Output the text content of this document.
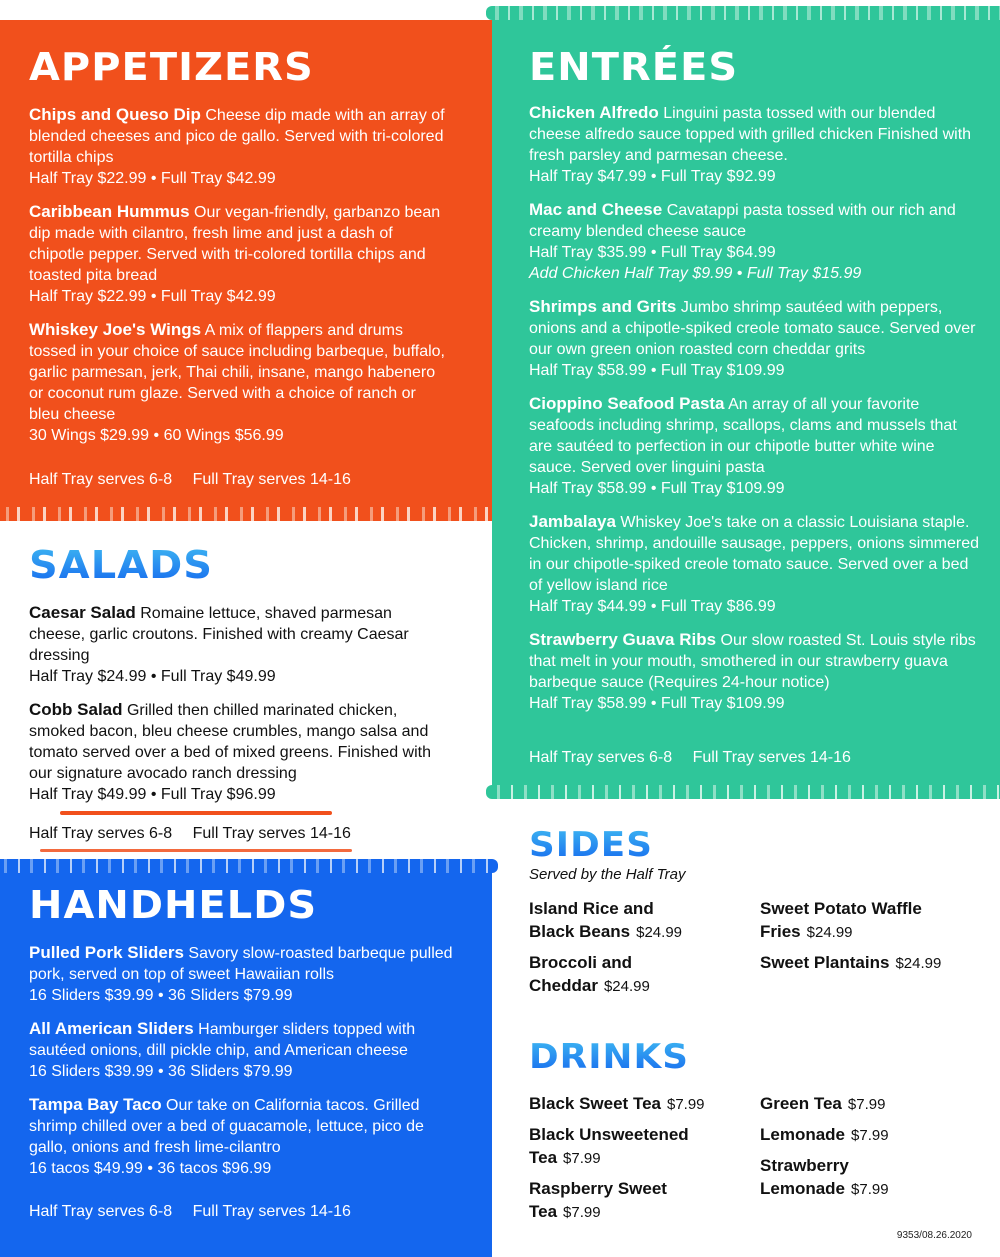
APPETIZERS
Chips and Queso Dip Cheese dip made with an array of blended cheeses and pico de gallo. Served with tri-colored tortilla chips
Half Tray $22.99 • Full Tray $42.99
Caribbean Hummus Our vegan-friendly, garbanzo bean dip made with cilantro, fresh lime and just a dash of chipotle pepper. Served with tri-colored tortilla chips and toasted pita bread
Half Tray $22.99 • Full Tray $42.99
Whiskey Joe's Wings A mix of flappers and drums tossed in your choice of sauce including barbeque, buffalo, garlic parmesan, jerk, Thai chili, insane, mango habenero or coconut rum glaze. Served with a choice of ranch or bleu cheese
30 Wings $29.99 • 60 Wings $56.99
Half Tray serves 6-8 Full Tray serves 14-16
ENTRÉES
Chicken Alfredo Linguini pasta tossed with our blended cheese alfredo sauce topped with grilled chicken Finished with fresh parsley and parmesan cheese.
Half Tray $47.99 • Full Tray $92.99
Mac and Cheese Cavatappi pasta tossed with our rich and creamy blended cheese sauce
Half Tray $35.99 • Full Tray $64.99
Add Chicken Half Tray $9.99 • Full Tray $15.99
Shrimps and Grits Jumbo shrimp sautéed with peppers, onions and a chipotle-spiked creole tomato sauce. Served over our own green onion roasted corn cheddar grits
Half Tray $58.99 • Full Tray $109.99
Cioppino Seafood Pasta An array of all your favorite seafoods including shrimp, scallops, clams and mussels that are sautéed to perfection in our chipotle butter white wine sauce. Served over linguini pasta
Half Tray $58.99 • Full Tray $109.99
Jambalaya Whiskey Joe's take on a classic Louisiana staple. Chicken, shrimp, andouille sausage, peppers, onions simmered in our chipotle-spiked creole tomato sauce. Served over a bed of yellow island rice
Half Tray $44.99 • Full Tray $86.99
Strawberry Guava Ribs Our slow roasted St. Louis style ribs that melt in your mouth, smothered in our strawberry guava barbeque sauce (Requires 24-hour notice)
Half Tray $58.99 • Full Tray $109.99
Half Tray serves 6-8 Full Tray serves 14-16
SALADS
Caesar Salad Romaine lettuce, shaved parmesan cheese, garlic croutons. Finished with creamy Caesar dressing
Half Tray $24.99 • Full Tray $49.99
Cobb Salad Grilled then chilled marinated chicken, smoked bacon, bleu cheese crumbles, mango salsa and tomato served over a bed of mixed greens. Finished with our signature avocado ranch dressing
Half Tray $49.99 • Full Tray $96.99
Half Tray serves 6-8 Full Tray serves 14-16
HANDHELDS
Pulled Pork Sliders Savory slow-roasted barbeque pulled pork, served on top of sweet Hawaiian rolls
16 Sliders $39.99 • 36 Sliders $79.99
All American Sliders Hamburger sliders topped with sautéed onions, dill pickle chip, and American cheese
16 Sliders $39.99 • 36 Sliders $79.99
Tampa Bay Taco Our take on California tacos. Grilled shrimp chilled over a bed of guacamole, lettuce, pico de gallo, onions and fresh lime-cilantro
16 tacos $49.99 • 36 tacos $96.99
Half Tray serves 6-8 Full Tray serves 14-16
SIDES
Served by the Half Tray
Island Rice and Black Beans $24.99
Broccoli and Cheddar $24.99
Sweet Potato Waffle Fries $24.99
Sweet Plantains $24.99
DRINKS
Black Sweet Tea $7.99
Black Unsweetened Tea $7.99
Raspberry Sweet Tea $7.99
Green Tea $7.99
Lemonade $7.99
Strawberry Lemonade $7.99
9353/08.26.2020
